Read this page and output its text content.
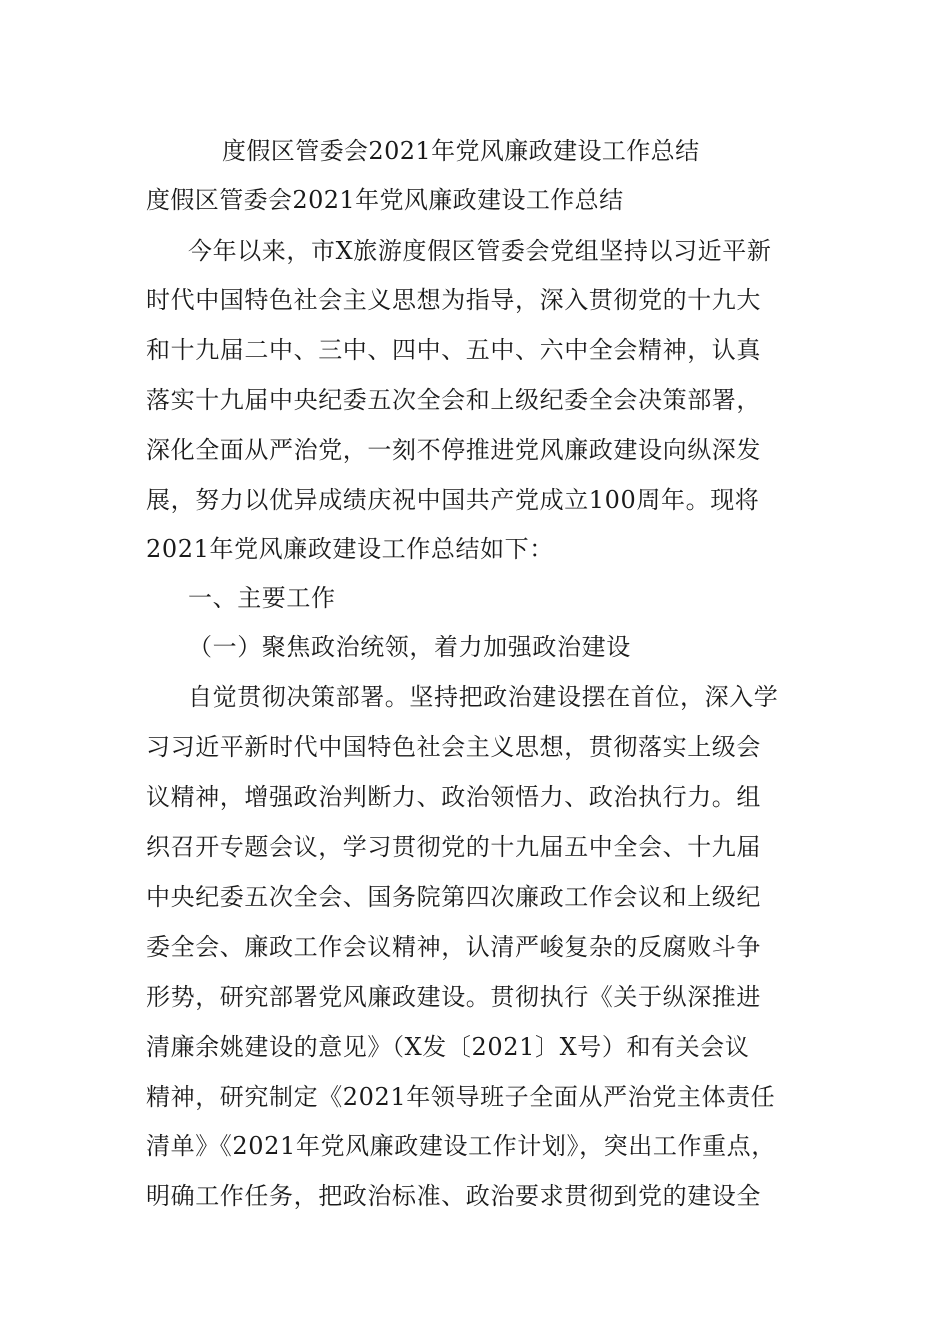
度假区管委会2021年党风廉政建设工作总结
度假区管委会2021年党风廉政建设工作总结
今年以来，市X旅游度假区管委会党组坚持以习近平新
时代中国特色社会主义思想为指导，深入贯彻党的十九大
和十九届二中、三中、四中、五中、六中全会精神，认真
落实十九届中央纪委五次全会和上级纪委全会决策部署，
深化全面从严治党，一刻不停推进党风廉政建设向纵深发
展，努力以优异成绩庆祝中国共产党成立100周年。现将
2021年党风廉政建设工作总结如下：
一、主要工作
（一）聚焦政治统领，着力加强政治建设
自觉贯彻决策部署。坚持把政治建设摆在首位，深入学
习习近平新时代中国特色社会主义思想，贯彻落实上级会
议精神，增强政治判断力、政治领悟力、政治执行力。组
织召开专题会议，学习贯彻党的十九届五中全会、十九届
中央纪委五次全会、国务院第四次廉政工作会议和上级纪
委全会、廉政工作会议精神，认清严峻复杂的反腐败斗争
形势，研究部署党风廉政建设。贯彻执行《关于纵深推进
清廉余姚建设的意见》（X发〔2021〕X号）和有关会议
精神，研究制定《2021年领导班子全面从严治党主体责任
清单》《2021年党风廉政建设工作计划》，突出工作重点，
明确工作任务，把政治标准、政治要求贯彻到党的建设全
